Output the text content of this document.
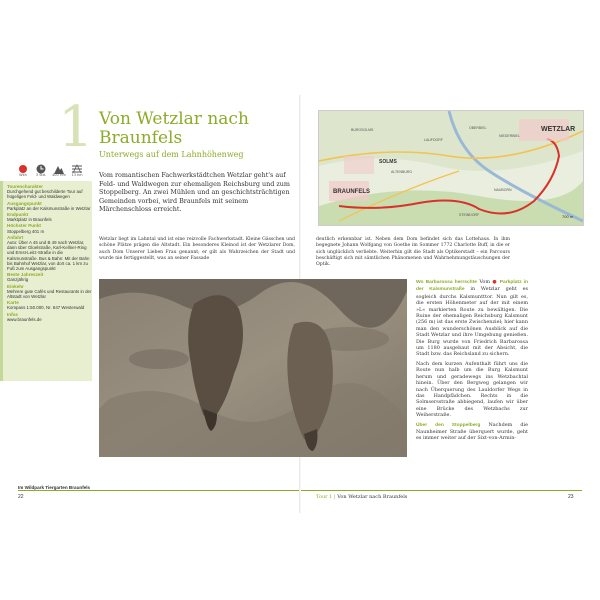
Wkh	3 Std.	400 Hm	13 km
Tourencharakter
Durchgehend gut beschilderte Tour auf hügeligen Feld- und Waldwegen
Ausgangspunkt
Parkplatz an der Kalsmunstraße in Wetzlar
Endpunkt
Marktplatz in Braunfels
Höchster Punkt
Stoppelberg 401 m
Anfahrt
Auto: Über A 45 und B 49 nach Wetzlar, dann über Gloelstraße, Karl-Kellner-Ring und Ernst-Leitz-Straße in die Kalsmunstraße. Bus & Bahn: Mit der Bahn bis Bahnhof Wetzlar, von dort ca. 1 km zu Fuß zum Ausgangspunkt
Beste Jahreszeit
Ganzjährig
Einkehr
Mehrere gute Cafés und Restaurants in der Altstadt von Wetzlar
Karte
Kompass 1:50.000, Nr. 847 Westerwald
Infos
www.braunfels.de
1 Von Wetzlar nach Braunfels
Unterwegs auf dem Lahnhöhenweg
Vom romantischen Fachwerkstädtchen Wetzlar geht's auf Feld- und Waldwegen zur ehemaligen Reichsburg und zum Stoppelberg. An zwei Mühlen und an geschichtsträchtigen Gemeinden vorbei, wird Braunfels mit seinem Märchenschloss erreicht.
Wetzlar liegt im Lahntal und ist eine reizvolle Fachwerkstadt. Kleine Gässchen und schöne Plätze prägen die Altstadt. Ein besonderes Kleinod ist der Wetzlarer Dom, auch Dom Unserer Lieben Frau genannt; er gilt als Wahrzeichen der Stadt und wurde nie fertiggestellt, was an seiner Fassade
deutlich erkennbar ist. Neben dem Dom befindet sich das Lottehaus. In ihm begegnete Johann Wolfgang von Goethe im Sommer 1772 Charlotte Buff, in die er sich unglücklich verliebte. Weiterhin gilt die Stadt als Optikerstadt – ein Parcours beschäftigt sich mit sämtlichen Phänomenen und Wahrnehmungstäuschungen der Optik.
Im Wildpark Tiergarten Braunfels
22
WETZLAR
SOLMS
BRAUNFELS
ALTENBURG
OBERBIEL
NIEDERBIEL
BURGSOLMS
NAUBORN
LAUFDORF
STEINDORF	700 m
Wo Barbarossa herrschte Vom ● Parkplatz in der Kalsmunstraße in Wetzlar geht es sogleich durchs Kalsmuntttor. Nun gilt es, die ersten Höhenmeter auf der mit einem »L« markierten Route zu bewältigen. Die Ruine der ehemaligen Reichsburg Kalsmunt (256 m) ist das erste Zwischenziel; hier kann man den wunderschönen Ausblick auf die Stadt Wetzlar und ihre Umgebung genießen. Die Burg wurde von Friedrich Barbarossa um 1180 ausgebaut mit der Absicht, die Stadt bzw. das Reichsland zu sichern.
Nach dem kurzen Aufenthalt führt uns die Route nun halb um die Burg Kalsmunt herum und geradewegs ins Wetzbachtal hinein. Über den Bergweg gelangen wir nach Überquerung des Lauldorfer Wegs in das Handpfädchen. Rechts in die Solmsersstraße abbiegend, laufen wir über eine Brücke des Wetzbachs zur Weiherstraße.
Über den Stoppelberg Nachdem die Naunheimer Straße überquert wurde, geht es immer weiter auf der Sixt-von-Armin-
Tour 1 | Von Wetzlar nach Braunfels	23
